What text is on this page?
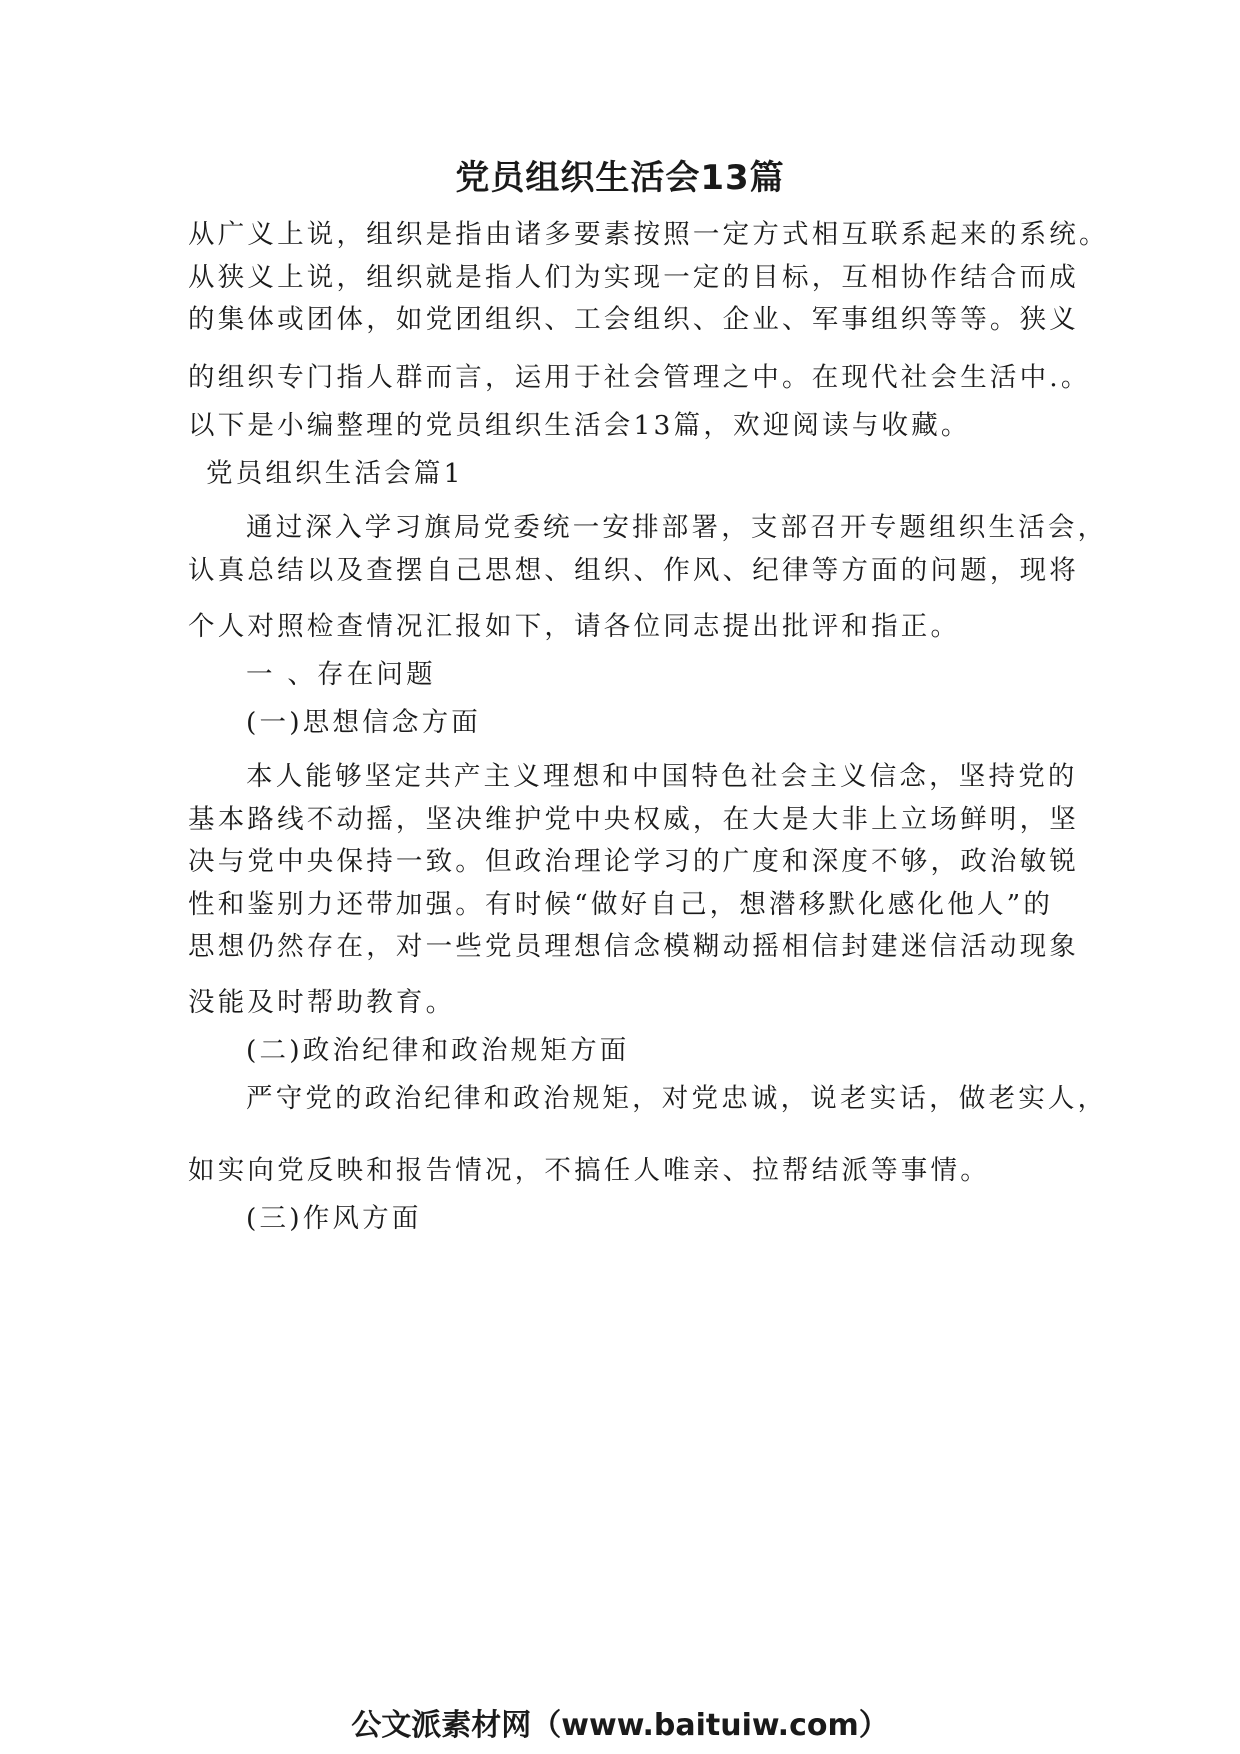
党员组织生活会13篇
从广义上说，组织是指由诸多要素按照一定方式相互联系起来的系统。
从狭义上说，组织就是指人们为实现一定的目标，互相协作结合而成
的集体或团体，如党团组织、工会组织、企业、军事组织等等。狭义
的组织专门指人群而言，运用于社会管理之中。在现代社会生活中.。
以下是小编整理的党员组织生活会13篇，欢迎阅读与收藏。
党员组织生活会篇1
通过深入学习旗局党委统一安排部署，支部召开专题组织生活会，
认真总结以及查摆自己思想、组织、作风、纪律等方面的问题，现将
个人对照检查情况汇报如下，请各位同志提出批评和指正。
一 、存在问题
(一)思想信念方面
本人能够坚定共产主义理想和中国特色社会主义信念，坚持党的
基本路线不动摇，坚决维护党中央权威，在大是大非上立场鲜明，坚
决与党中央保持一致。但政治理论学习的广度和深度不够，政治敏锐
性和鉴别力还带加强。有时候“做好自己，想潜移默化感化他人”的
思想仍然存在，对一些党员理想信念模糊动摇相信封建迷信活动现象
没能及时帮助教育。
(二)政治纪律和政治规矩方面
严守党的政治纪律和政治规矩，对党忠诚，说老实话，做老实人，
如实向党反映和报告情况，不搞任人唯亲、拉帮结派等事情。
(三)作风方面
公文派素材网（www.baituiw.com）
